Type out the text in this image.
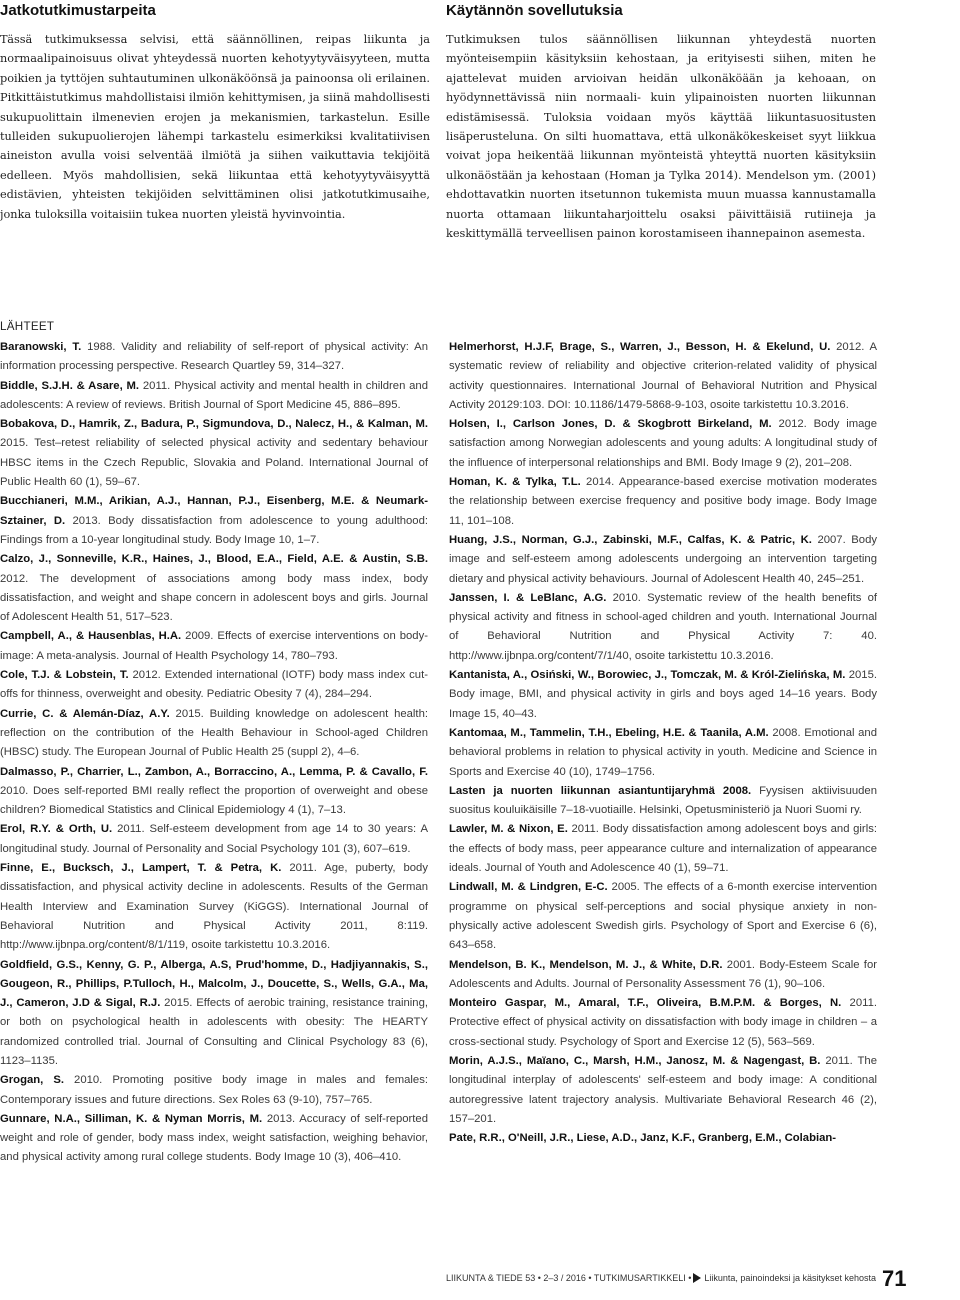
Jatkotutkimustarpeita

Tässä tutkimuksessa selvisi, että säännöllinen, reipas liikunta ja normaalipainoisuus olivat yhteydessä nuorten kehotyytyväisyyteen, mutta poikien ja tyttöjen suhtautuminen ulkonäköönsä ja painoonsa oli erilainen. Pitkittäistutkimus mahdollistaisi ilmiön kehittymisen, ja siinä mahdollisesti sukupuolittain ilmenevien erojen ja mekanismien, tarkastelun. Esille tulleiden sukupuolierojen lähempi tarkastelu esimerkiksi kvalitatiivisen aineiston avulla voisi selventää ilmiötä ja siihen vaikuttavia tekijöitä edelleen. Myös mahdollisien, sekä liikuntaa että kehotyytyväisyyttä edistävien, yhteisten tekijöiden selvittäminen olisi jatkotutkimusaihe, jonka tuloksilla voitaisiin tukea nuorten yleistä hyvinvointia.

Käytännön sovellutuksia

Tutkimuksen tulos säännöllisen liikunnan yhteydestä nuorten myönteisempiin käsityksiin kehostaan, ja erityisesti siihen, miten he ajattelevat muiden arvioivan heidän ulkonäköään ja kehoaan, on hyödynnettävissä niin normaali- kuin ylipainoisten nuorten liikunnan edistämisessä. Tuloksia voidaan myös käyttää liikuntasuositusten lisäperusteluna. On silti huomattava, että ulkonäkökeskeiset syyt liikkua voivat jopa heikentää liikunnan myönteistä yhteyttä nuorten käsityksiin ulkonäöstään ja kehostaan (Homan ja Tylka 2014). Mendelson ym. (2001) ehdottavatkin nuorten itsetunnon tukemista muun muassa kannustamalla nuorta ottamaan liikuntaharjoittelu osaksi päivittäisiä rutiineja ja keskittymällä terveellisen painon korostamiseen ihannepainon asemesta.

LÄHTEET
Baranowski, T. 1988. Validity and reliability of self-report of physical activity: An information processing perspective. Research Quartley 59, 314–327.
Biddle, S.J.H. & Asare, M. 2011. Physical activity and mental health in children and adolescents: A review of reviews. British Journal of Sport Medicine 45, 886–895.
Bobakova, D., Hamrik, Z., Badura, P., Sigmundova, D., Nalecz, H., & Kalman, M. 2015. Test–retest reliability of selected physical activity and sedentary behaviour HBSC items in the Czech Republic, Slovakia and Poland. International Journal of Public Health 60 (1), 59–67.
Bucchianeri, M.M., Arikian, A.J., Hannan, P.J., Eisenberg, M.E. & Neumark-Sztainer, D. 2013. Body dissatisfaction from adolescence to young adulthood: Findings from a 10-year longitudinal study. Body Image 10, 1–7.
Calzo, J., Sonneville, K.R., Haines, J., Blood, E.A., Field, A.E. & Austin, S.B. 2012. The development of associations among body mass index, body dissatisfaction, and weight and shape concern in adolescent boys and girls. Journal of Adolescent Health 51, 517–523.
Campbell, A., & Hausenblas, H.A. 2009. Effects of exercise interventions on body-image: A meta-analysis. Journal of Health Psychology 14, 780–793.
Cole, T.J. & Lobstein, T. 2012. Extended international (IOTF) body mass index cut-offs for thinness, overweight and obesity. Pediatric Obesity 7 (4), 284–294.
Currie, C. & Alemán-Díaz, A.Y. 2015. Building knowledge on adolescent health: reflection on the contribution of the Health Behaviour in School-aged Children (HBSC) study. The European Journal of Public Health 25 (suppl 2), 4–6.
Dalmasso, P., Charrier, L., Zambon, A., Borraccino, A., Lemma, P. & Cavallo, F. 2010. Does self-reported BMI really reflect the proportion of overweight and obese children? Biomedical Statistics and Clinical Epidemiology 4 (1), 7–13.
Erol, R.Y. & Orth, U. 2011. Self-esteem development from age 14 to 30 years: A longitudinal study. Journal of Personality and Social Psychology 101 (3), 607–619.
Finne, E., Bucksch, J., Lampert, T. & Petra, K. 2011. Age, puberty, body dissatisfaction, and physical activity decline in adolescents. Results of the German Health Interview and Examination Survey (KiGGS). International Journal of Behavioral Nutrition and Physical Activity 2011, 8:119. http://www.ijbnpa.org/content/8/1/119, osoite tarkistettu 10.3.2016.
Goldfield, G.S., Kenny, G. P., Alberga, A.S, Prud'homme, D., Hadjiyannakis, S., Gougeon, R., Phillips, P.Tulloch, H., Malcolm, J., Doucette, S., Wells, G.A., Ma, J., Cameron, J.D & Sigal, R.J. 2015. Effects of aerobic training, resistance training, or both on psychological health in adolescents with obesity: The HEARTY randomized controlled trial. Journal of Consulting and Clinical Psychology 83 (6), 1123–1135.
Grogan, S. 2010. Promoting positive body image in males and females: Contemporary issues and future directions. Sex Roles 63 (9-10), 757–765.
Gunnare, N.A., Silliman, K. & Nyman Morris, M. 2013. Accuracy of self-reported weight and role of gender, body mass index, weight satisfaction, weighing behavior, and physical activity among rural college students. Body Image 10 (3), 406–410.
Helmerhorst, H.J.F, Brage, S., Warren, J., Besson, H. & Ekelund, U. 2012. A systematic review of reliability and objective criterion-related validity of physical activity questionnaires. International Journal of Behavioral Nutrition and Physical Activity 20129:103. DOI: 10.1186/1479-5868-9-103, osoite tarkistettu 10.3.2016.
Holsen, I., Carlson Jones, D. & Skogbrott Birkeland, M. 2012. Body image satisfaction among Norwegian adolescents and young adults: A longitudinal study of the influence of interpersonal relationships and BMI. Body Image 9 (2), 201–208.
Homan, K. & Tylka, T.L. 2014. Appearance-based exercise motivation moderates the relationship between exercise frequency and positive body image. Body Image 11, 101–108.
Huang, J.S., Norman, G.J., Zabinski, M.F., Calfas, K. & Patric, K. 2007. Body image and self-esteem among adolescents undergoing an intervention targeting dietary and physical activity behaviours. Journal of Adolescent Health 40, 245–251.
Janssen, I. & LeBlanc, A.G. 2010. Systematic review of the health benefits of physical activity and fitness in school-aged children and youth. International Journal of Behavioral Nutrition and Physical Activity 7: 40. http://www.ijbnpa.org/content/7/1/40, osoite tarkistettu 10.3.2016.
Kantanista, A., Osiński, W., Borowiec, J., Tomczak, M. & Król-Zielińska, M. 2015. Body image, BMI, and physical activity in girls and boys aged 14–16 years. Body Image 15, 40–43.
Kantomaa, M., Tammelin, T.H., Ebeling, H.E. & Taanila, A.M. 2008. Emotional and behavioral problems in relation to physical activity in youth. Medicine and Science in Sports and Exercise 40 (10), 1749–1756.
Lasten ja nuorten liikunnan asiantuntijaryhmä 2008. Fyysisen aktiivisuuden suositus kouluikäisille 7–18-vuotiaille. Helsinki, Opetusministeriö ja Nuori Suomi ry.
Lawler, M. & Nixon, E. 2011. Body dissatisfaction among adolescent boys and girls: the effects of body mass, peer appearance culture and internalization of appearance ideals. Journal of Youth and Adolescence 40 (1), 59–71.
Lindwall, M. & Lindgren, E-C. 2005. The effects of a 6-month exercise intervention programme on physical self-perceptions and social physique anxiety in non-physically active adolescent Swedish girls. Psychology of Sport and Exercise 6 (6), 643–658.
Mendelson, B. K., Mendelson, M. J., & White, D.R. 2001. Body-Esteem Scale for Adolescents and Adults. Journal of Personality Assessment 76 (1), 90–106.
Monteiro Gaspar, M., Amaral, T.F., Oliveira, B.M.P.M. & Borges, N. 2011. Protective effect of physical activity on dissatisfaction with body image in children – a cross-sectional study. Psychology of Sport and Exercise 12 (5), 563–569.
Morin, A.J.S., Maïano, C., Marsh, H.M., Janosz, M. & Nagengast, B. 2011. The longitudinal interplay of adolescents' self-esteem and body image: A conditional autoregressive latent trajectory analysis. Multivariate Behavioral Research 46 (2), 157–201.
Pate, R.R., O'Neill, J.R., Liese, A.D., Janz, K.F., Granberg, E.M., Colabian-
LIIKUNTA & TIEDE 53 • 2–3 / 2016 • TUTKIMUSARTIKKELI • Liikunta, painoindeksi ja käsitykset kehosta 71
